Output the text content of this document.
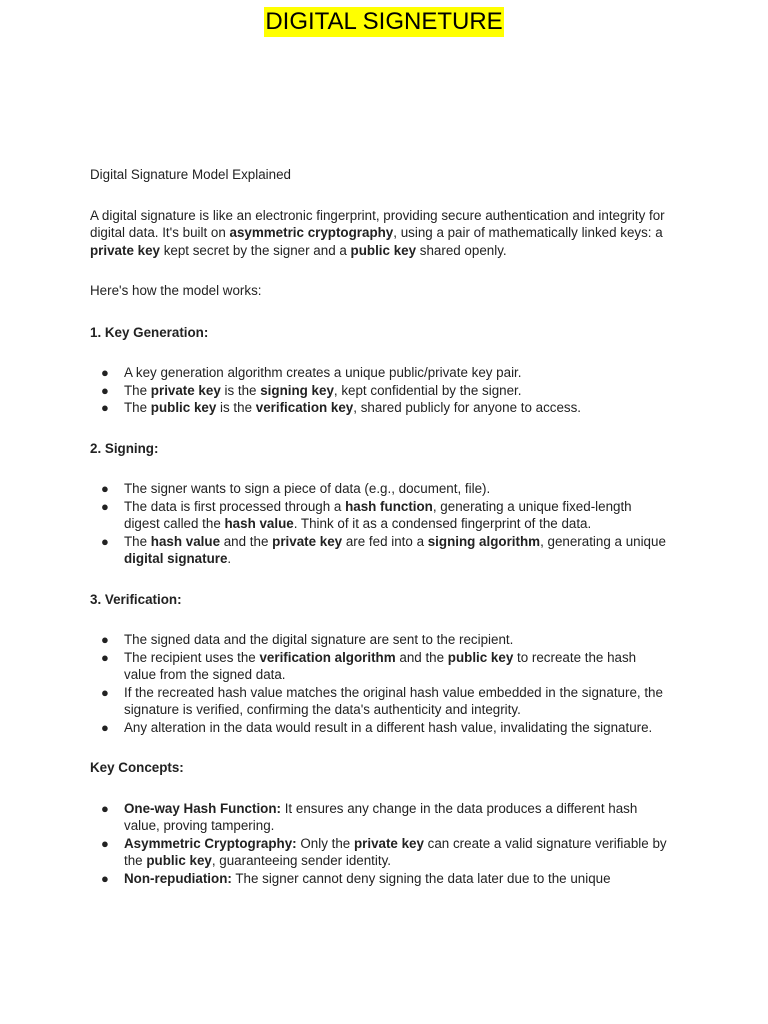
DIGITAL SIGNETURE

Digital Signature Model Explained

A digital signature is like an electronic fingerprint, providing secure authentication and integrity for digital data. It's built on asymmetric cryptography, using a pair of mathematically linked keys: a private key kept secret by the signer and a public key shared openly.

Here's how the model works:

1. Key Generation:

● A key generation algorithm creates a unique public/private key pair.
● The private key is the signing key, kept confidential by the signer.
● The public key is the verification key, shared publicly for anyone to access.

2. Signing:

● The signer wants to sign a piece of data (e.g., document, file).
● The data is first processed through a hash function, generating a unique fixed-length digest called the hash value. Think of it as a condensed fingerprint of the data.
● The hash value and the private key are fed into a signing algorithm, generating a unique digital signature.

3. Verification:

● The signed data and the digital signature are sent to the recipient.
● The recipient uses the verification algorithm and the public key to recreate the hash value from the signed data.
● If the recreated hash value matches the original hash value embedded in the signature, the signature is verified, confirming the data's authenticity and integrity.
● Any alteration in the data would result in a different hash value, invalidating the signature.

Key Concepts:

● One-way Hash Function: It ensures any change in the data produces a different hash value, proving tampering.
● Asymmetric Cryptography: Only the private key can create a valid signature verifiable by the public key, guaranteeing sender identity.
● Non-repudiation: The signer cannot deny signing the data later due to the unique
